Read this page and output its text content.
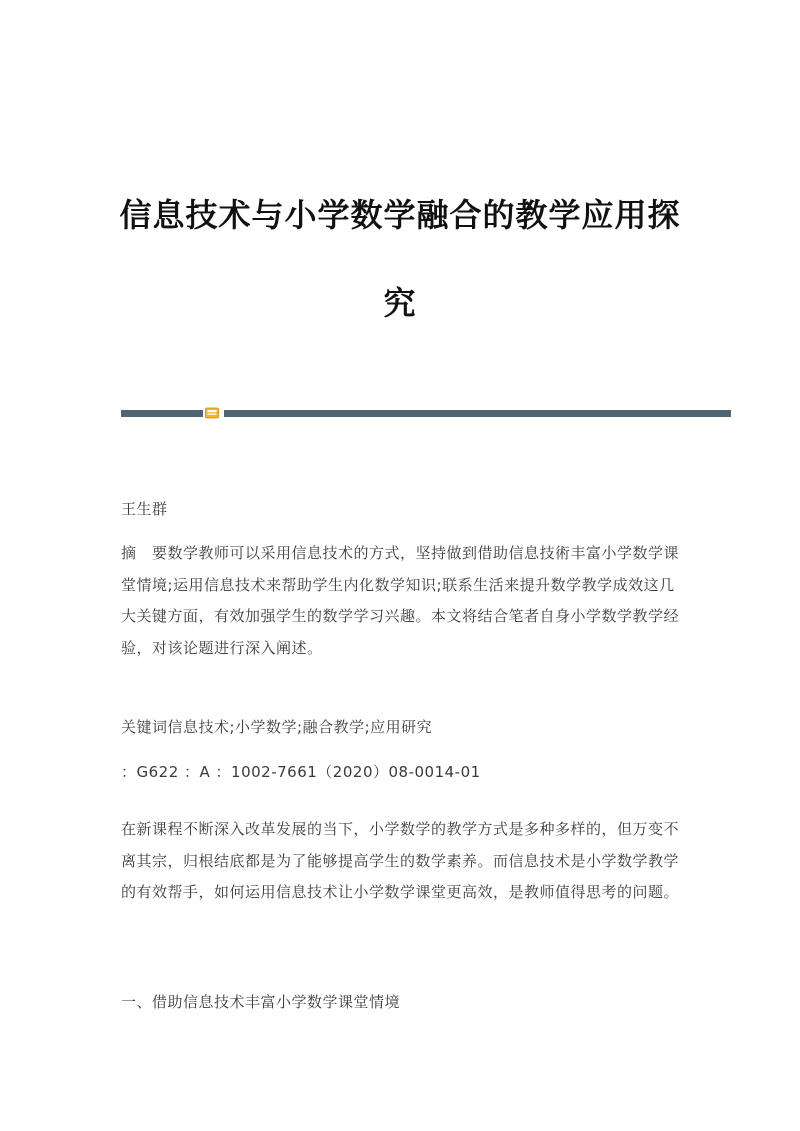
信息技术与小学数学融合的教学应用探
究

王生群

摘　要数学教师可以采用信息技术的方式，坚持做到借助信息技術丰富小学数学课堂情境;运用信息技术来帮助学生内化数学知识;联系生活来提升数学教学成效这几大关键方面，有效加强学生的数学学习兴趣。本文将结合笔者自身小学数学教学经验，对该论题进行深入阐述。

关键词信息技术;小学数学;融合教学;应用研究

：G622 ：A ：1002-7661（2020）08-0014-01

在新课程不断深入改革发展的当下，小学数学的教学方式是多种多样的，但万变不离其宗，归根结底都是为了能够提高学生的数学素养。而信息技术是小学数学教学的有效帮手，如何运用信息技术让小学数学课堂更高效，是教师值得思考的问题。

一、借助信息技术丰富小学数学课堂情境
